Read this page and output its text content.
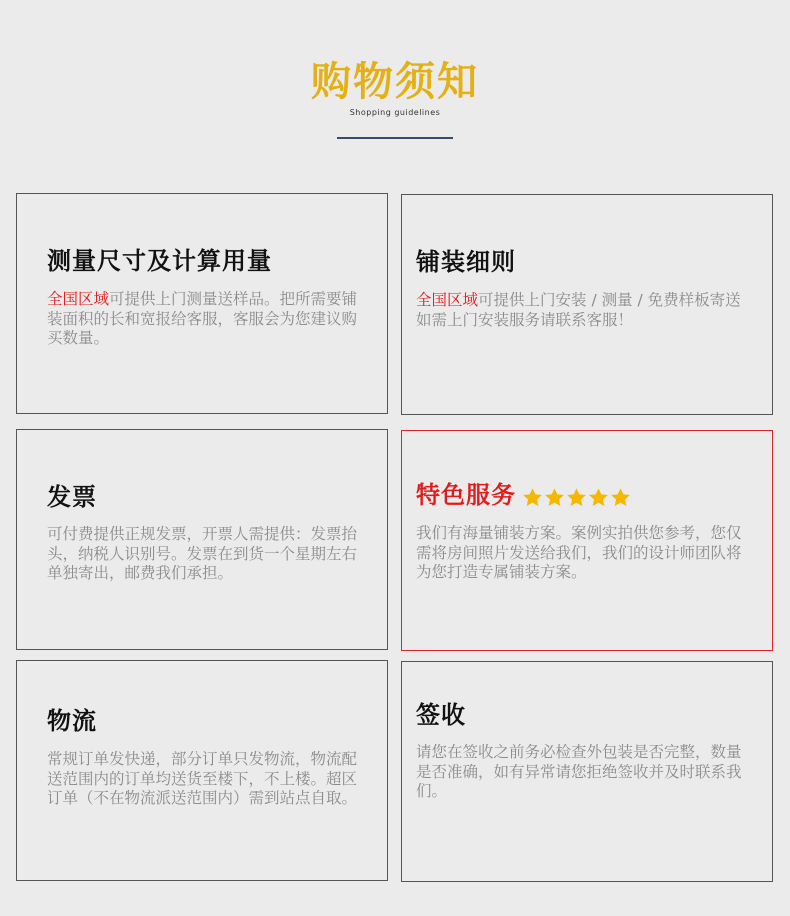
购物须知
Shopping guidelines
测量尺寸及计算用量

全国区域可提供上门测量送样品。把所需要铺装面积的长和宽报给客服，客服会为您建议购买数量。

铺装细则

全国区域可提供上门安装 / 测量 / 免费样板寄送如需上门安装服务请联系客服！

发票

可付费提供正规发票，开票人需提供：发票抬头，纳税人识别号。发票在到货一个星期左右单独寄出，邮费我们承担。

特色服务

我们有海量铺装方案。案例实拍供您参考，您仅需将房间照片发送给我们，我们的设计师团队将为您打造专属铺装方案。

物流

常规订单发快递，部分订单只发物流，物流配送范围内的订单均送货至楼下，不上楼。超区订单（不在物流派送范围内）需到站点自取。

签收

请您在签收之前务必检查外包装是否完整，数量是否准确，如有异常请您拒绝签收并及时联系我们。
